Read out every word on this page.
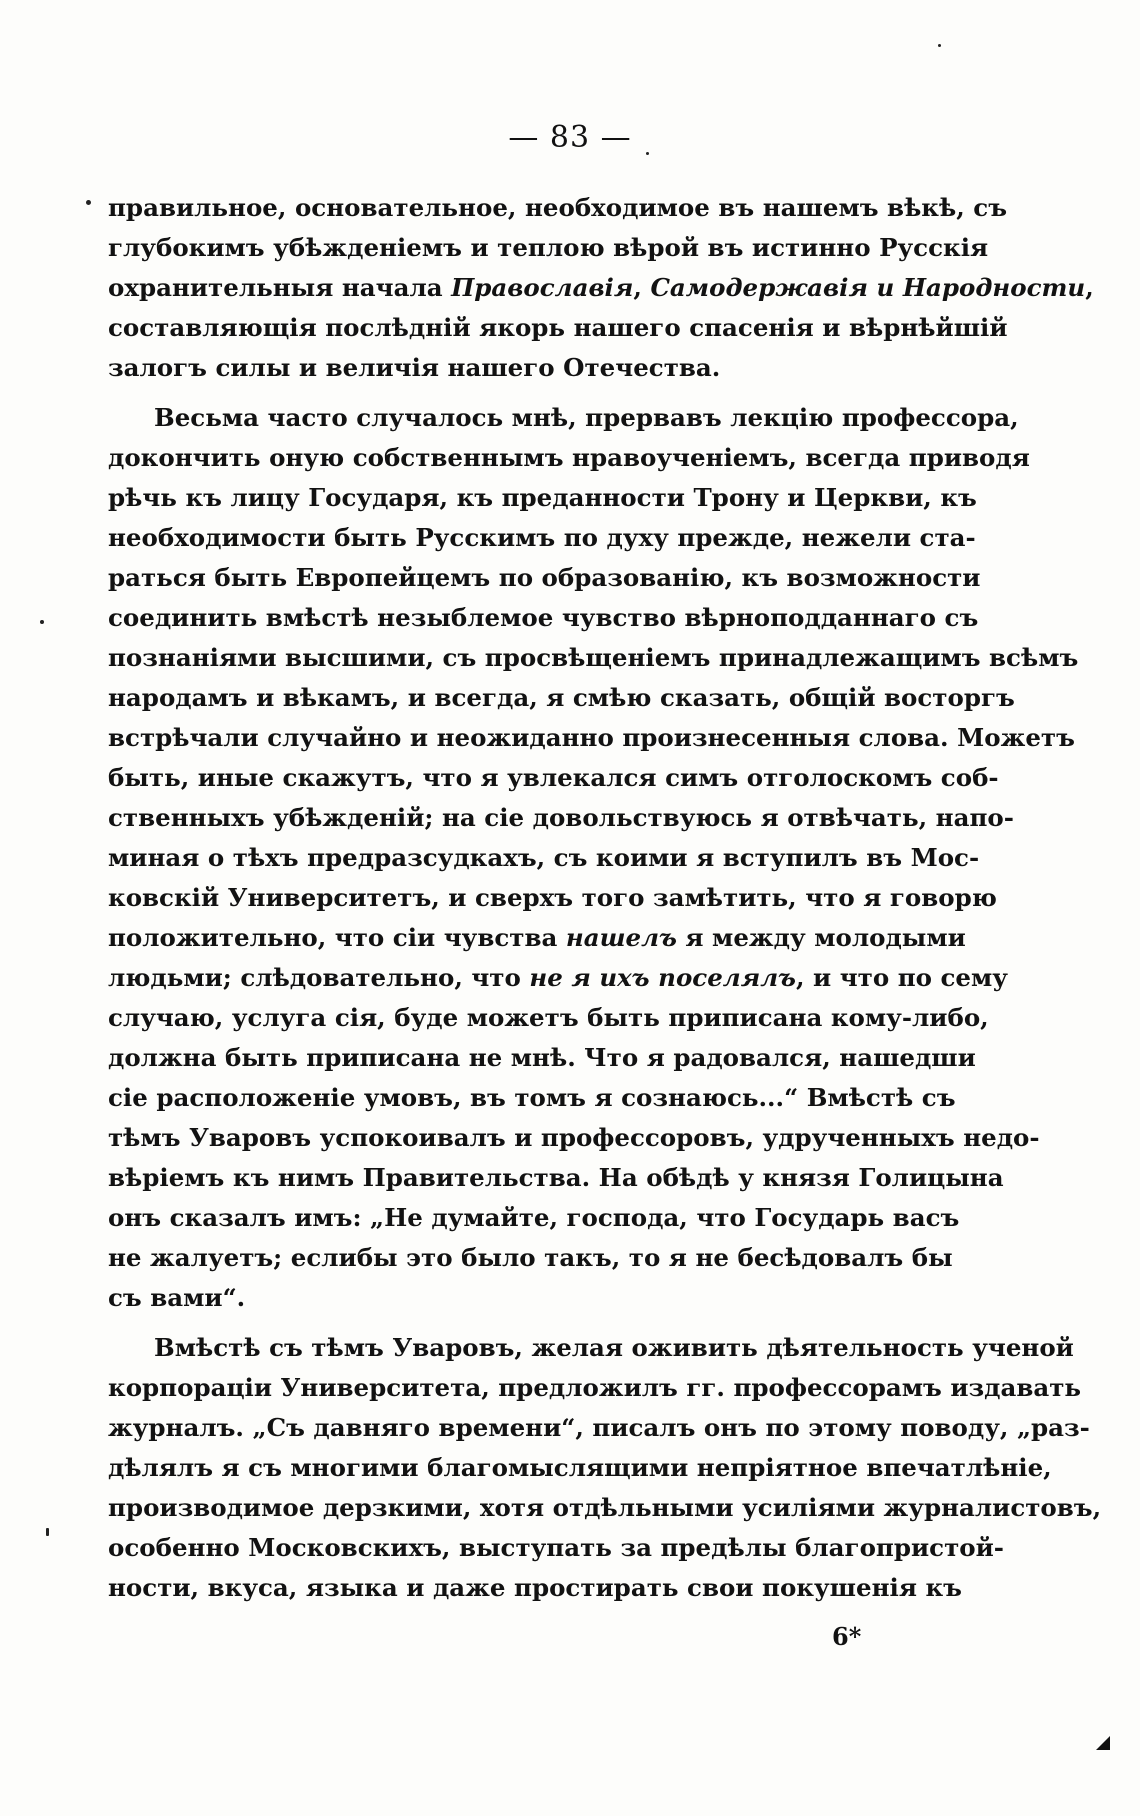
— 83 —

правильное, основательное, необходимое въ нашемъ вѣкѣ, съ
глубокимъ убѣжденіемъ и теплою вѣрой въ истинно Русскія
охранительныя начала Православія, Самодержавія и Народности,
составляющія послѣдній якорь нашего спасенія и вѣрнѣйшій
залогъ силы и величія нашего Отечества.

Весьма часто случалось мнѣ, прервавъ лекцію профессора,
докончить оную собственнымъ нравоученіемъ, всегда приводя
рѣчь къ лицу Государя, къ преданности Трону и Церкви, къ
необходимости быть Русскимъ по духу прежде, нежели ста-
раться быть Европейцемъ по образованію, къ возможности
соединить вмѣстѣ незыблемое чувство вѣрноподданнаго съ
познаніями высшими, съ просвѣщеніемъ принадлежащимъ всѣмъ
народамъ и вѣкамъ, и всегда, я смѣю сказать, общій восторгъ
встрѣчали случайно и неожиданно произнесенныя слова. Можетъ
быть, иные скажутъ, что я увлекался симъ отголоскомъ соб-
ственныхъ убѣжденій; на сіе довольствуюсь я отвѣчать, напо-
миная о тѣхъ предразсудкахъ, съ коими я вступилъ въ Мос-
ковскій Университетъ, и сверхъ того замѣтить, что я говорю
положительно, что сіи чувства нашелъ я между молодыми
людьми; слѣдовательно, что не я ихъ поселялъ, и что по сему
случаю, услуга сія, буде можетъ быть приписана кому-либо,
должна быть приписана не мнѣ. Что я радовался, нашедши
сіе расположеніе умовъ, въ томъ я сознаюсь...“ Вмѣстѣ съ
тѣмъ Уваровъ успокоивалъ и профессоровъ, удрученныхъ недо-
вѣріемъ къ нимъ Правительства. На обѣдѣ у князя Голицына
онъ сказалъ имъ: „Не думайте, господа, что Государь васъ
не жалуетъ; еслибы это было такъ, то я не бесѣдовалъ бы
съ вами“.

Вмѣстѣ съ тѣмъ Уваровъ, желая оживить дѣятельность ученой
корпораціи Университета, предложилъ гг. профессорамъ издавать
журналъ. „Съ давняго времени“, писалъ онъ по этому поводу, „раз-
дѣлялъ я съ многими благомыслящими непріятное впечатлѣніе,
производимое дерзкими, хотя отдѣльными усиліями журналистовъ,
особенно Московскихъ, выступать за предѣлы благопристой-
ности, вкуса, языка и даже простирать свои покушенія къ

6*
